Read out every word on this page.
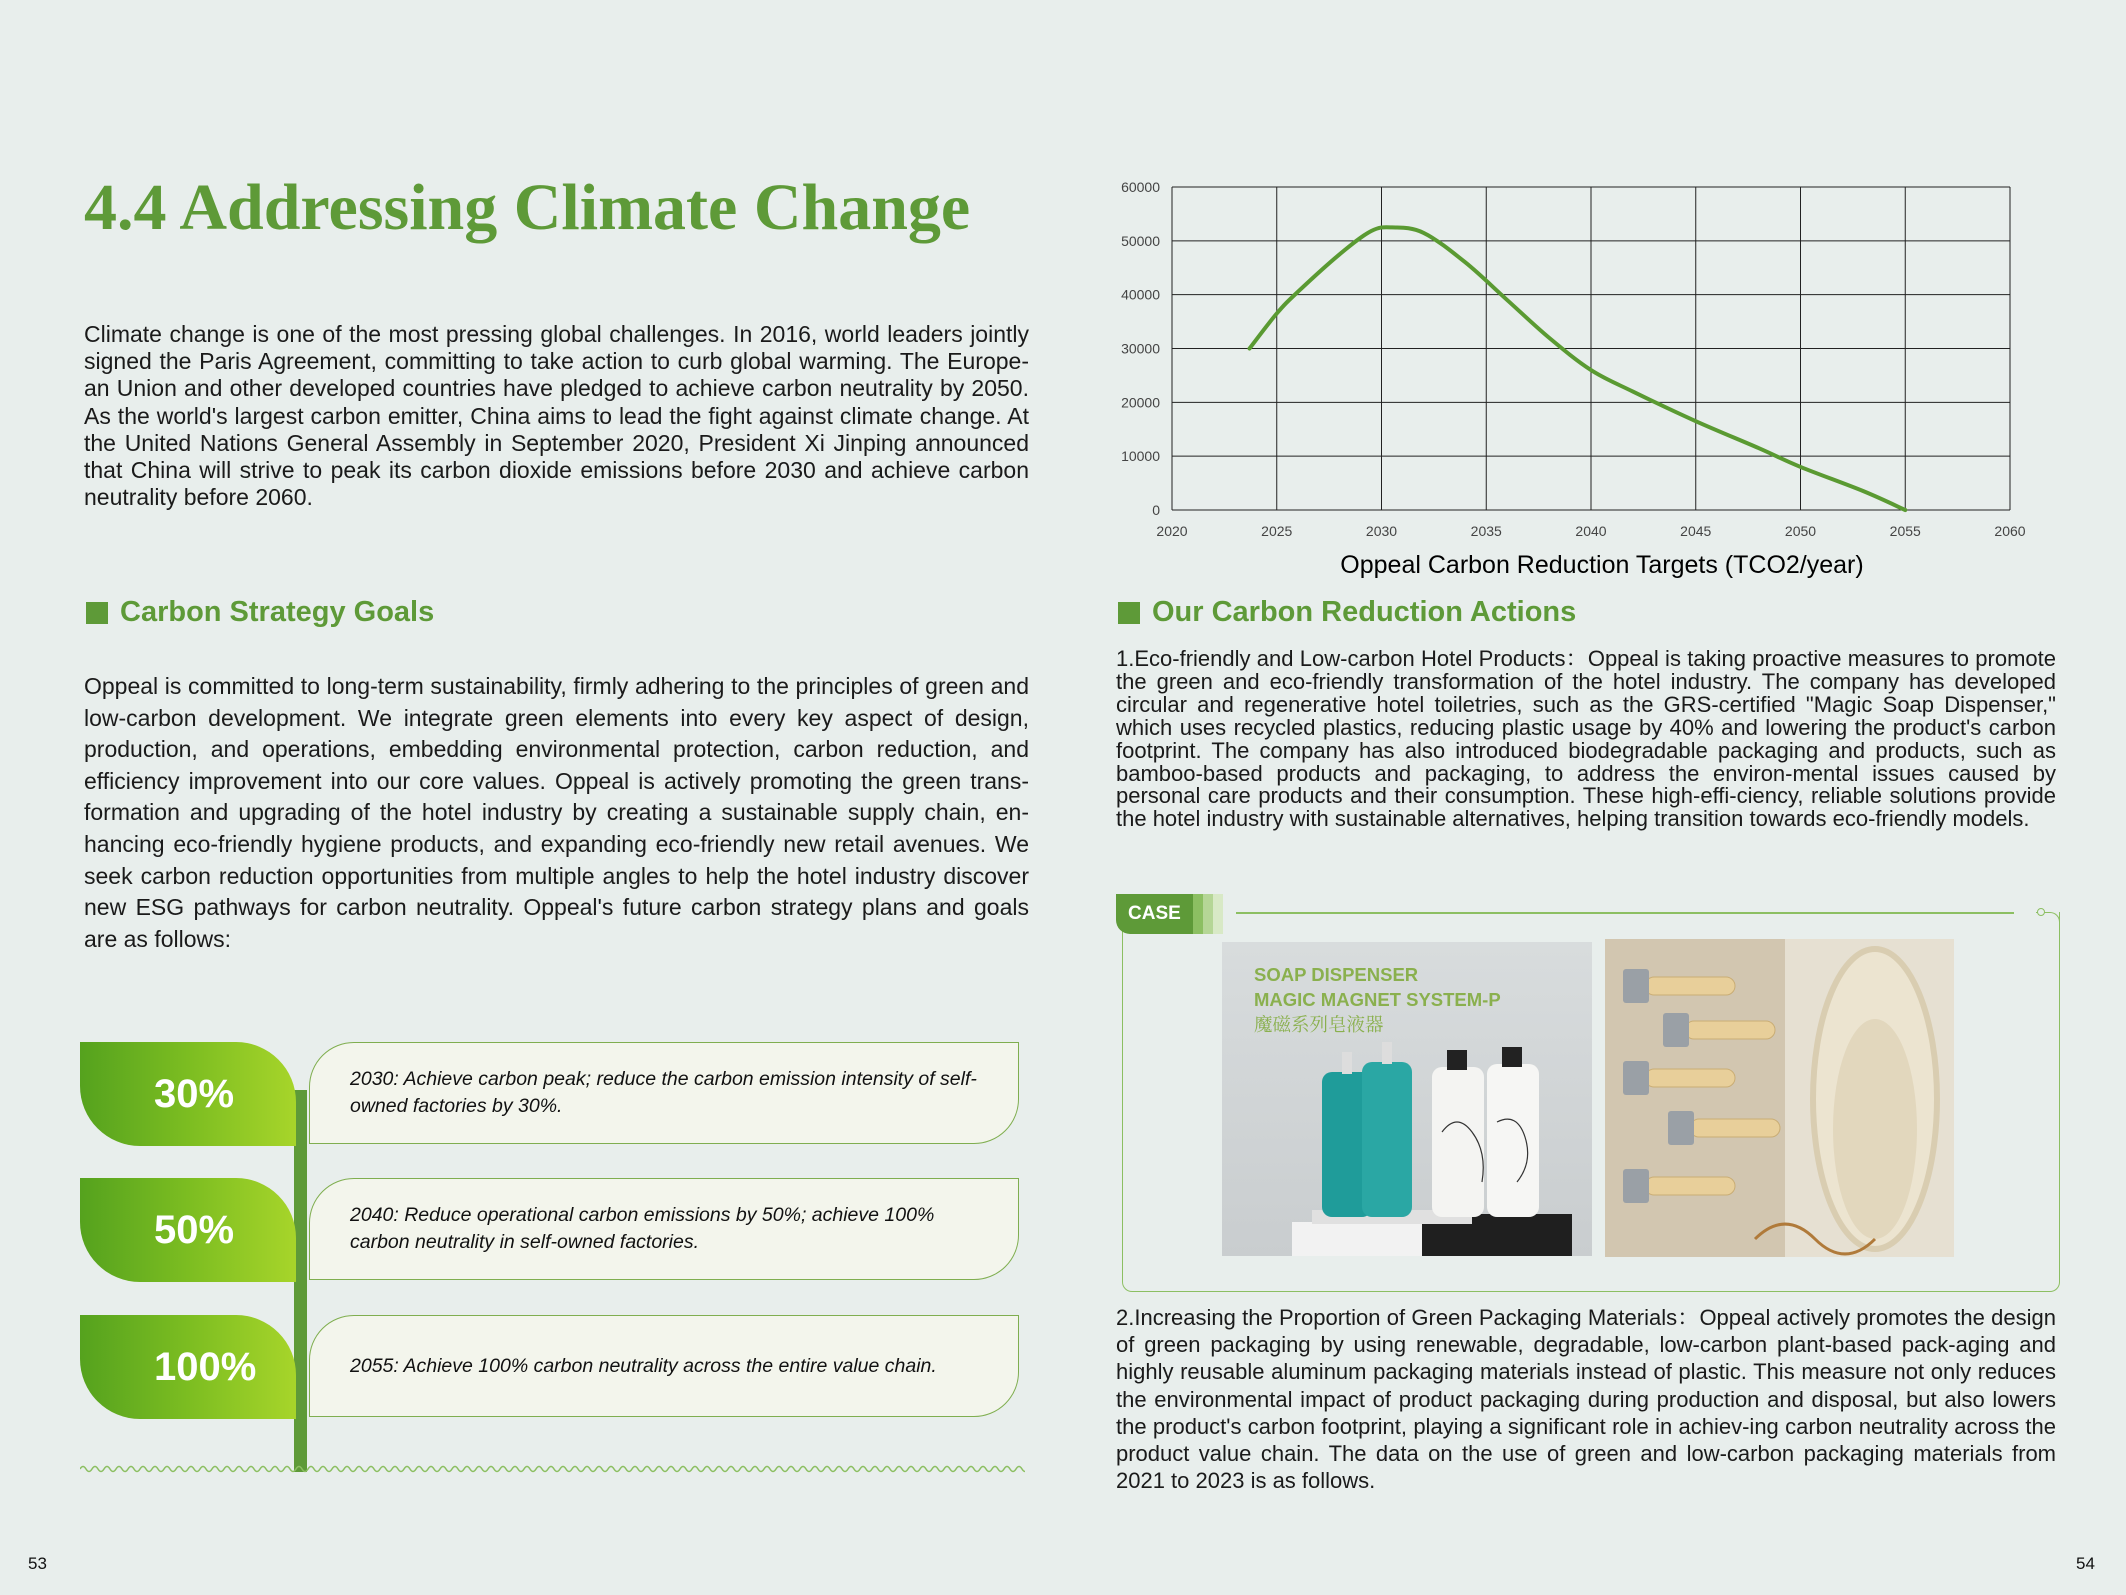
4.4 Addressing Climate Change
Climate change is one of the most pressing global challenges. In 2016, world leaders jointly signed the Paris Agreement, committing to take action to curb global warming. The Europe-an Union and other developed countries have pledged to achieve carbon neutrality by 2050. As the world's largest carbon emitter, China aims to lead the fight against climate change. At the United Nations General Assembly in September 2020, President Xi Jinping announced that China will strive to peak its carbon dioxide emissions before 2030 and achieve carbon neutrality before 2060.
Carbon Strategy Goals
Oppeal is committed to long-term sustainability, firmly adhering to the principles of green and low-carbon development. We integrate green elements into every key aspect of design, production, and operations, embedding environmental protection, carbon reduction, and efficiency improvement into our core values. Oppeal is actively promoting the green trans-formation and upgrading of the hotel industry by creating a sustainable supply chain, en-hancing eco-friendly hygiene products, and expanding eco-friendly new retail avenues. We seek carbon reduction opportunities from multiple angles to help the hotel industry discover new ESG pathways for carbon neutrality. Oppeal's future carbon strategy plans and goals are as follows:
30%	2030: Achieve carbon peak; reduce the carbon emission intensity of self-owned factories by 30%.
50%	2040: Reduce operational carbon emissions by 50%; achieve 100% carbon neutrality in self-owned factories.
100%	2055: Achieve 100% carbon neutrality across the entire value chain.
53
0
10000
20000
30000
40000
50000
60000
2020	2025	2030	2035	2040	2045	2050	2055	2060
Oppeal Carbon Reduction Targets (TCO2/year)
Our Carbon Reduction Actions
1.Eco-friendly and Low-carbon Hotel Products：Oppeal is taking proactive measures to promote the green and eco-friendly transformation of the hotel industry. The company has developed circular and regenerative hotel toiletries, such as the GRS-certified "Magic Soap Dispenser," which uses recycled plastics, reducing plastic usage by 40% and lowering the product's carbon footprint. The company has also introduced biodegradable packaging and products, such as bamboo-based products and packaging, to address the environ-mental issues caused by personal care products and their consumption. These high-effi-ciency, reliable solutions provide the hotel industry with sustainable alternatives, helping transition towards eco-friendly models.
CASE
SOAP DISPENSER
MAGIC MAGNET SYSTEM-P
魔磁系列皂液器
2.Increasing the Proportion of Green Packaging Materials：Oppeal actively promotes the design of green packaging by using renewable, degradable, low-carbon plant-based pack-aging and highly reusable aluminum packaging materials instead of plastic. This measure not only reduces the environmental impact of product packaging during production and disposal, but also lowers the product's carbon footprint, playing a significant role in achiev-ing carbon neutrality across the product value chain. The data on the use of green and low-carbon packaging materials from 2021 to 2023 is as follows.
54
